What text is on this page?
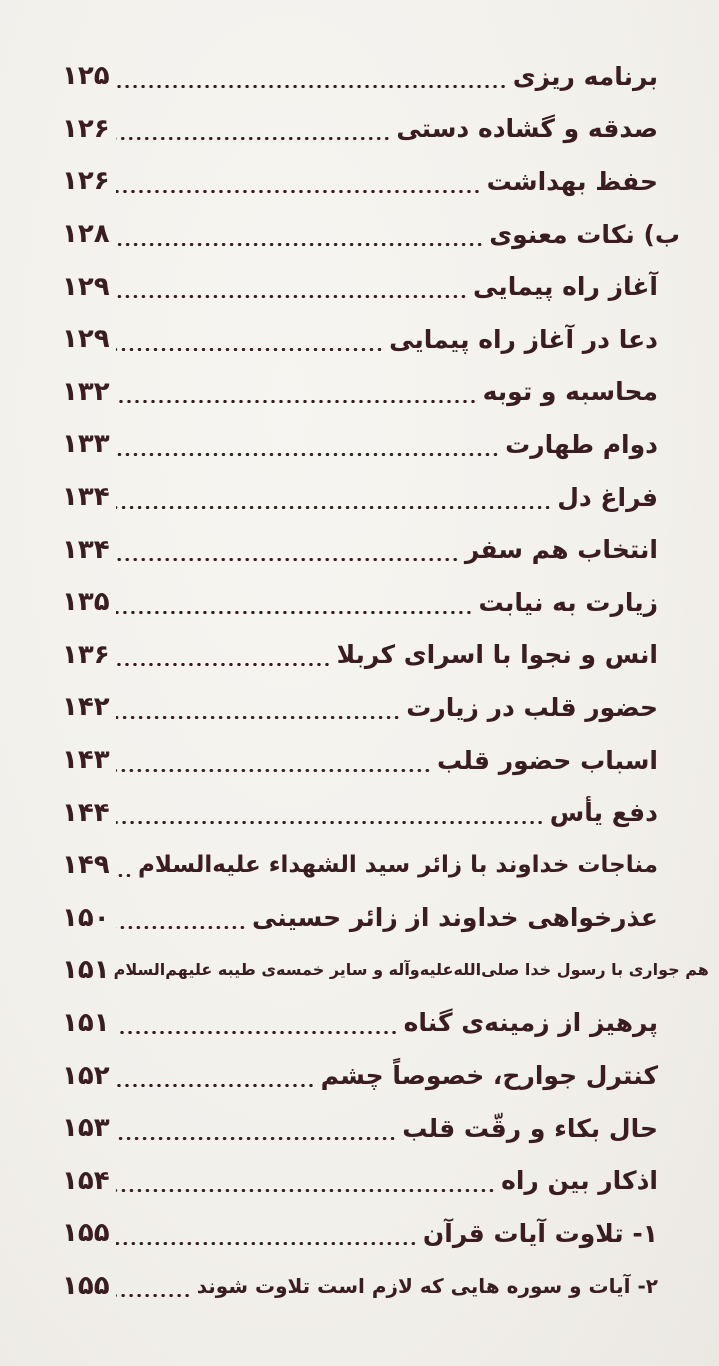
۱۲۵	برنامه ریزی
۱۲۶	صدقه و گشاده دستی
۱۲۶	حفظ بهداشت
۱۲۸	ب) نکات معنوی
۱۲۹	آغاز راه پیمایی
۱۲۹	دعا در آغاز راه پیمایی
۱۳۲	محاسبه و توبه
۱۳۳	دوام طهارت
۱۳۴	فراغ دل
۱۳۴	انتخاب هم سفر
۱۳۵	زیارت به نیابت
۱۳۶	انس و نجوا با اسرای کربلا
۱۴۲	حضور قلب در زیارت
۱۴۳	اسباب حضور قلب
۱۴۴	دفع یأس
۱۴۹ مناجات خداوند با زائر سید الشهداء علیه‌السلام
۱۵۰	عذرخواهی خداوند از زائر حسینی
۱۵۱ هم جواری با رسول خدا صلی‌الله‌علیه‌وآله و سایر خمسه‌ی طیبه علیهم‌السلام
۱۵۱	پرهیز از زمینه‌ی گناه
۱۵۲	کنترل جوارح، خصوصاً چشم
۱۵۳	حال بکاء و رقّت قلب
۱۵۴	اذکار بین راه
۱۵۵	۱- تلاوت آیات قرآن
۱۵۵	۲- آیات و سوره هایی که لازم است تلاوت شوند
